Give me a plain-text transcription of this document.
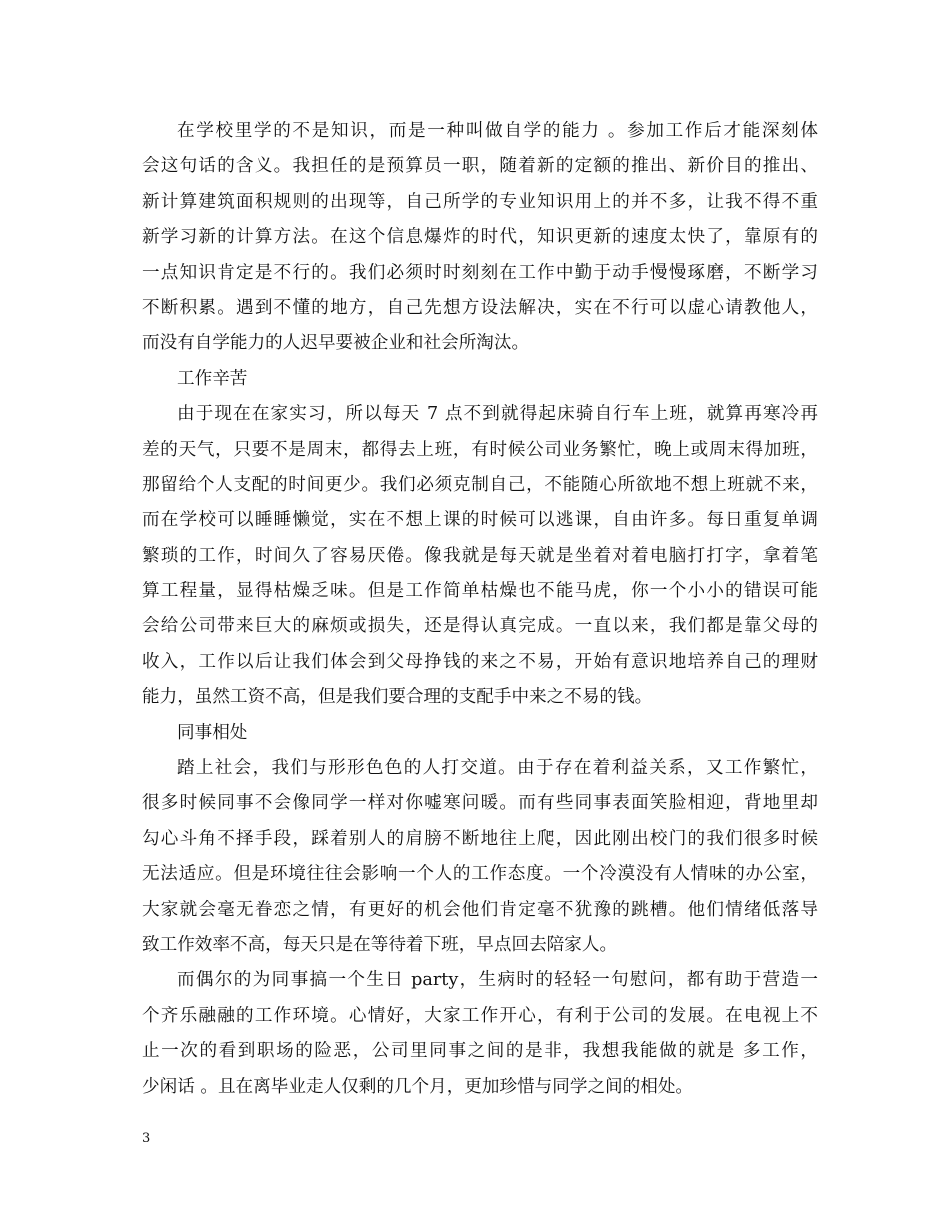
在学校里学的不是知识，而是一种叫做自学的能力 。参加工作后才能深刻体
会这句话的含义。我担任的是预算员一职，随着新的定额的推出、新价目的推出、
新计算建筑面积规则的出现等，自己所学的专业知识用上的并不多，让我不得不重
新学习新的计算方法。在这个信息爆炸的时代，知识更新的速度太快了，靠原有的
一点知识肯定是不行的。我们必须时时刻刻在工作中勤于动手慢慢琢磨，不断学习
不断积累。遇到不懂的地方，自己先想方设法解决，实在不行可以虚心请教他人，
而没有自学能力的人迟早要被企业和社会所淘汰。
工作辛苦
由于现在在家实习，所以每天 7 点不到就得起床骑自行车上班，就算再寒冷再
差的天气，只要不是周末，都得去上班，有时候公司业务繁忙，晚上或周末得加班，
那留给个人支配的时间更少。我们必须克制自己，不能随心所欲地不想上班就不来，
而在学校可以睡睡懒觉，实在不想上课的时候可以逃课，自由许多。每日重复单调
繁琐的工作，时间久了容易厌倦。像我就是每天就是坐着对着电脑打打字，拿着笔
算工程量，显得枯燥乏味。但是工作简单枯燥也不能马虎，你一个小小的错误可能
会给公司带来巨大的麻烦或损失，还是得认真完成。一直以来，我们都是靠父母的
收入，工作以后让我们体会到父母挣钱的来之不易，开始有意识地培养自己的理财
能力，虽然工资不高，但是我们要合理的支配手中来之不易的钱。
同事相处
踏上社会，我们与形形色色的人打交道。由于存在着利益关系，又工作繁忙，
很多时候同事不会像同学一样对你嘘寒问暖。而有些同事表面笑脸相迎，背地里却
勾心斗角不择手段，踩着别人的肩膀不断地往上爬，因此刚出校门的我们很多时候
无法适应。但是环境往往会影响一个人的工作态度。一个冷漠没有人情味的办公室，
大家就会毫无眷恋之情，有更好的机会他们肯定毫不犹豫的跳槽。他们情绪低落导
致工作效率不高，每天只是在等待着下班，早点回去陪家人。
而偶尔的为同事搞一个生日 party，生病时的轻轻一句慰问，都有助于营造一
个齐乐融融的工作环境。心情好，大家工作开心，有利于公司的发展。在电视上不
止一次的看到职场的险恶，公司里同事之间的是非，我想我能做的就是 多工作，
少闲话 。且在离毕业走人仅剩的几个月，更加珍惜与同学之间的相处。
3
